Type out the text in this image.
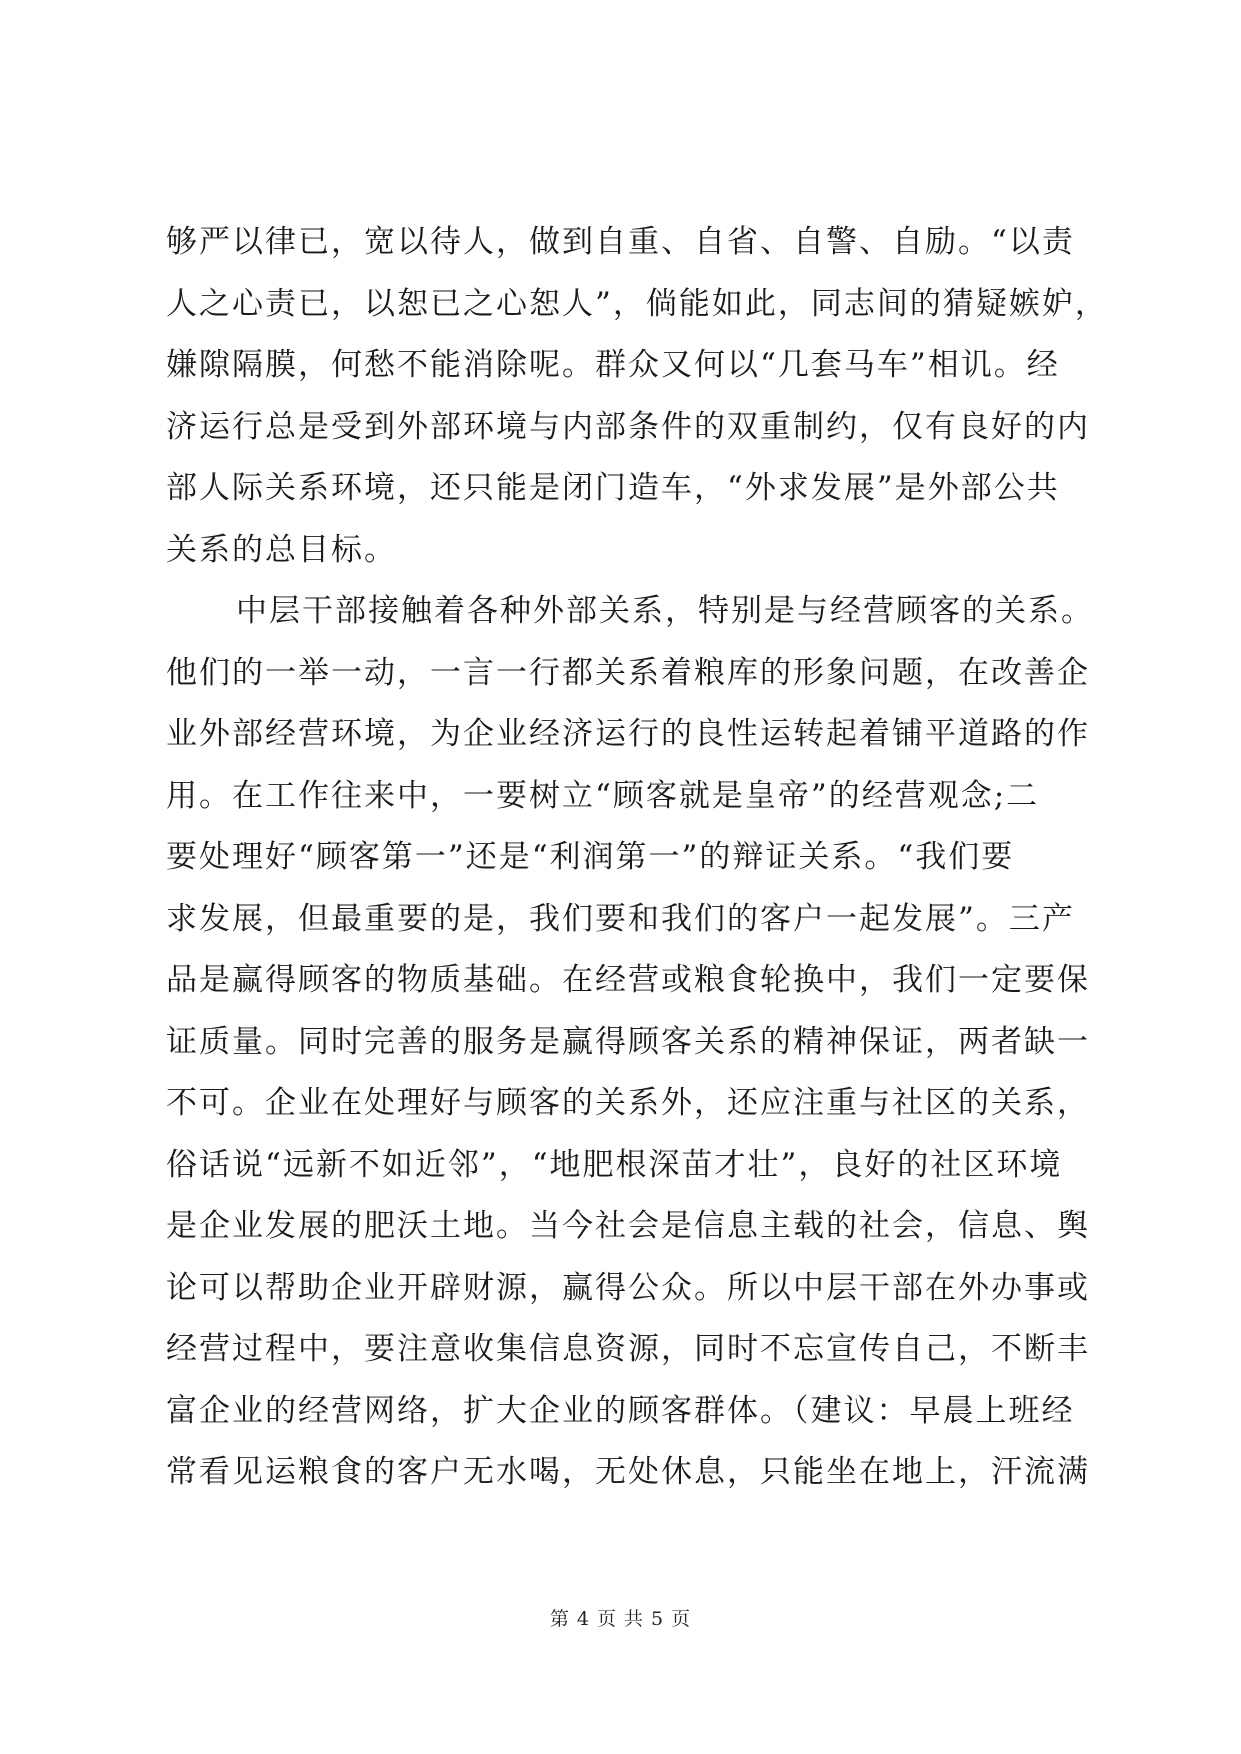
够严以律已，宽以待人，做到自重、自省、自警、自励。“以责
人之心责已，以恕已之心恕人”，倘能如此，同志间的猜疑嫉妒，
嫌隙隔膜，何愁不能消除呢。群众又何以“几套马车”相讥。经
济运行总是受到外部环境与内部条件的双重制约，仅有良好的内
部人际关系环境，还只能是闭门造车，“外求发展”是外部公共
关系的总目标。
中层干部接触着各种外部关系，特别是与经营顾客的关系。
他们的一举一动，一言一行都关系着粮库的形象问题，在改善企
业外部经营环境，为企业经济运行的良性运转起着铺平道路的作
用。在工作往来中，一要树立“顾客就是皇帝”的经营观念;二
要处理好“顾客第一”还是“利润第一”的辩证关系。“我们要
求发展，但最重要的是，我们要和我们的客户一起发展”。三产
品是赢得顾客的物质基础。在经营或粮食轮换中，我们一定要保
证质量。同时完善的服务是赢得顾客关系的精神保证，两者缺一
不可。企业在处理好与顾客的关系外，还应注重与社区的关系，
俗话说“远新不如近邻”，“地肥根深苗才壮”，良好的社区环境
是企业发展的肥沃土地。当今社会是信息主载的社会，信息、舆
论可以帮助企业开辟财源，赢得公众。所以中层干部在外办事或
经营过程中，要注意收集信息资源，同时不忘宣传自己，不断丰
富企业的经营网络，扩大企业的顾客群体。（建议：早晨上班经
常看见运粮食的客户无水喝，无处休息，只能坐在地上，汗流满
第 4 页 共 5 页
